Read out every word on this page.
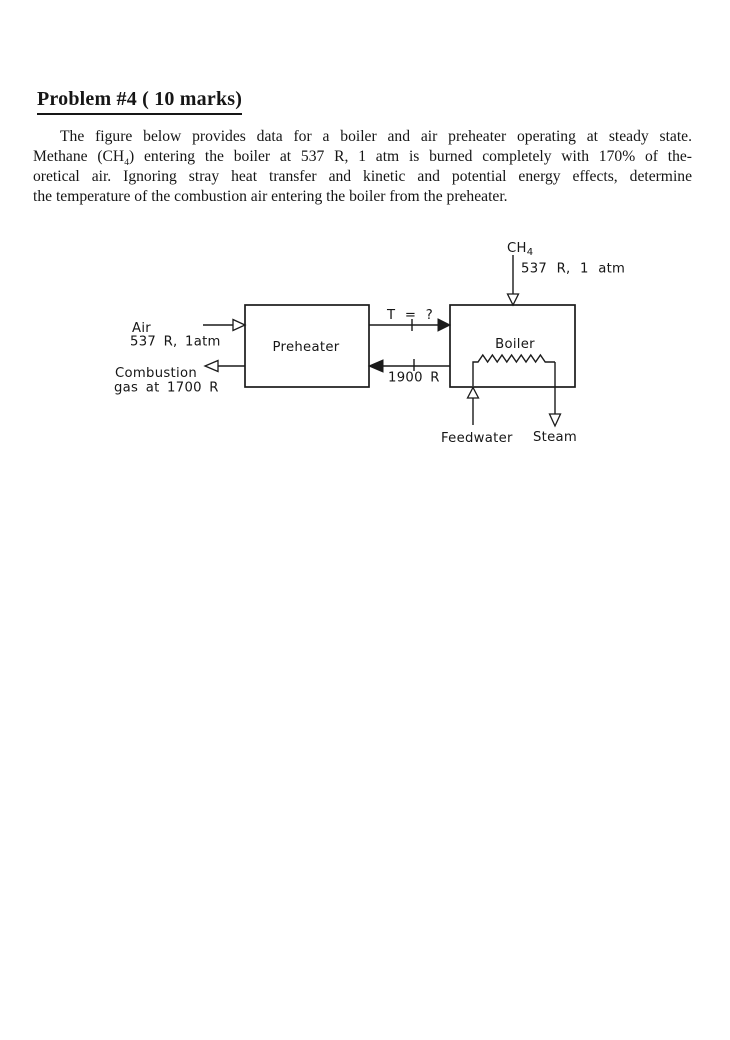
Problem #4 ( 10 marks)
The figure below provides data for a boiler and air preheater operating at steady state.
Methane $(CH_4)$ entering the boiler at 537 R, 1 atm is burned completely with 170% of the-
oretical air. Ignoring stray heat transfer and kinetic and potential energy effects, determine
the temperature of the combustion air entering the boiler from the preheater.
Preheater	Boiler
Air
537 R, 1atm
Combustion
gas at 1700 R
T = ?
1900 R
$CH_4$
537 R, 1 atm
Feedwater Steam
